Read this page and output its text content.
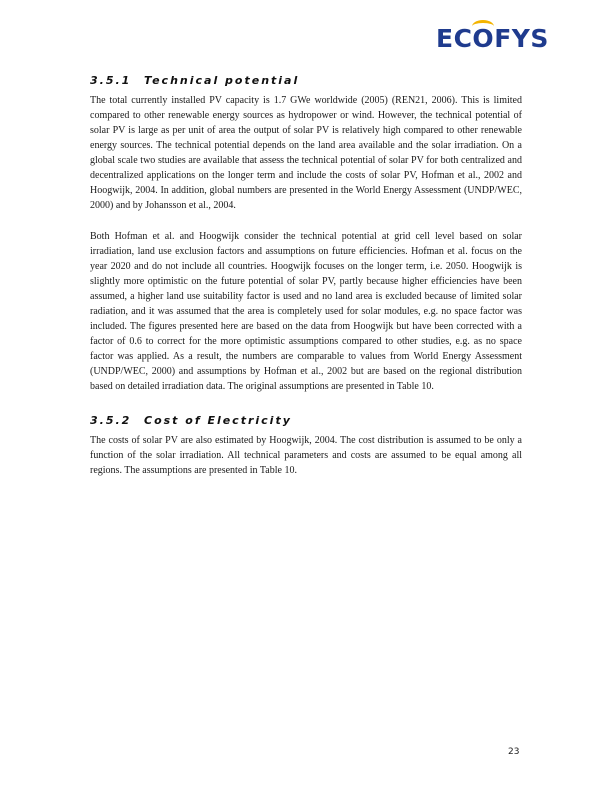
ECOFYS
3.5.1	Technical potential

The total currently installed PV capacity is 1.7 GWe worldwide (2005) (REN21, 2006). This is limited compared to other renewable energy sources as hydropower or wind. However, the technical potential of solar PV is large as per unit of area the output of solar PV is relatively high compared to other renewable energy sources. The technical potential depends on the land area available and the solar irradiation. On a global scale two studies are available that assess the technical potential of solar PV for both centralized and decentralized applications on the longer term and include the costs of solar PV, Hofman et al., 2002 and Hoogwijk, 2004. In addition, global numbers are presented in the World Energy Assessment (UNDP/WEC, 2000) and by Johansson et al., 2004.

Both Hofman et al. and Hoogwijk consider the technical potential at grid cell level based on solar irradiation, land use exclusion factors and assumptions on future efficiencies. Hofman et al. focus on the year 2020 and do not include all countries. Hoogwijk focuses on the longer term, i.e. 2050. Hoogwijk is slightly more optimistic on the future potential of solar PV, partly because higher efficiencies have been assumed, a higher land use suitability factor is used and no land area is excluded because of limited solar radiation, and it was assumed that the area is completely used for solar modules, e.g. no space factor was included. The figures presented here are based on the data from Hoogwijk but have been corrected with a factor of 0.6 to correct for the more optimistic assumptions compared to other studies, e.g. as no space factor was applied. As a result, the numbers are comparable to values from World Energy Assessment (UNDP/WEC, 2000) and assumptions by Hofman et al., 2002 but are based on the regional distribution based on detailed irradiation data. The original assumptions are presented in Table 10.

3.5.2	Cost of Electricity

The costs of solar PV are also estimated by Hoogwijk, 2004. The cost distribution is assumed to be only a function of the solar irradiation. All technical parameters and costs are assumed to be equal among all regions. The assumptions are presented in Table 10.

23
